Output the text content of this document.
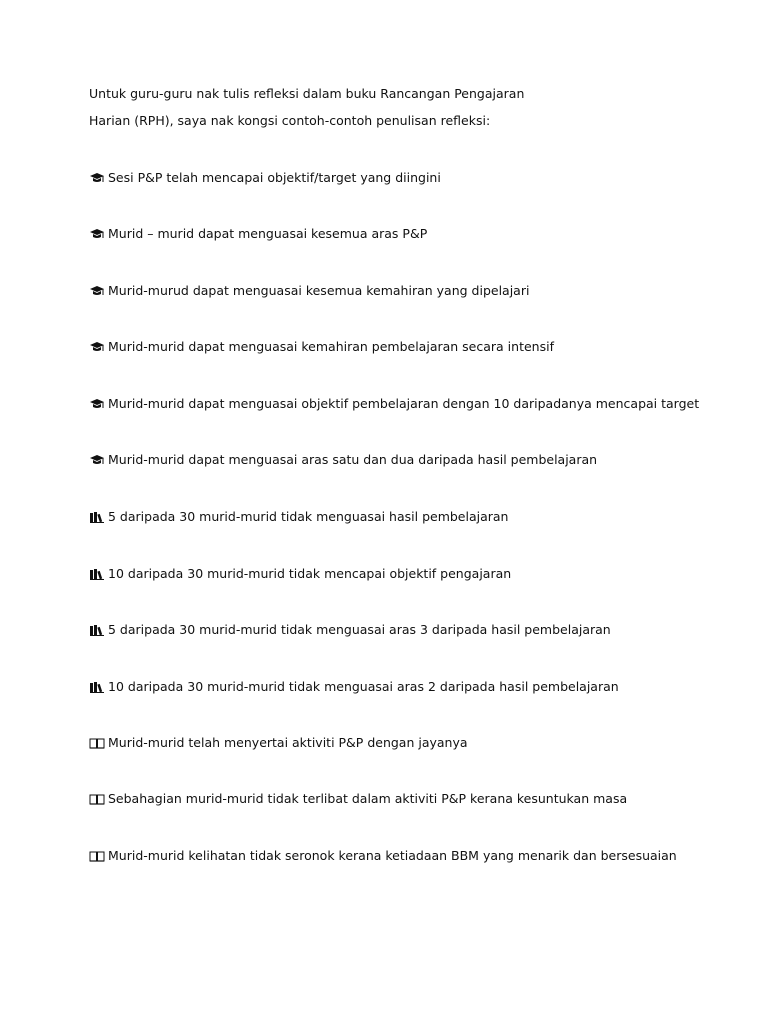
Untuk guru-guru nak tulis refleksi dalam buku Rancangan Pengajaran
Harian (RPH), saya nak kongsi contoh-contoh penulisan refleksi:
Sesi P&P telah mencapai objektif/target yang diingini
Murid – murid dapat menguasai kesemua aras P&P
Murid-murud dapat menguasai kesemua kemahiran yang dipelajari
Murid-murid dapat menguasai kemahiran pembelajaran secara intensif
Murid-murid dapat menguasai objektif pembelajaran dengan 10 daripadanya mencapai target
Murid-murid dapat menguasai aras satu dan dua daripada hasil pembelajaran
5 daripada 30 murid-murid tidak menguasai hasil pembelajaran
10 daripada 30 murid-murid tidak mencapai objektif pengajaran
5 daripada 30 murid-murid tidak menguasai aras 3 daripada hasil pembelajaran
10 daripada 30 murid-murid tidak menguasai aras 2 daripada hasil pembelajaran
Murid-murid telah menyertai aktiviti P&P dengan jayanya
Sebahagian murid-murid tidak terlibat dalam aktiviti P&P kerana kesuntukan masa
Murid-murid kelihatan tidak seronok kerana ketiadaan BBM yang menarik dan bersesuaian
